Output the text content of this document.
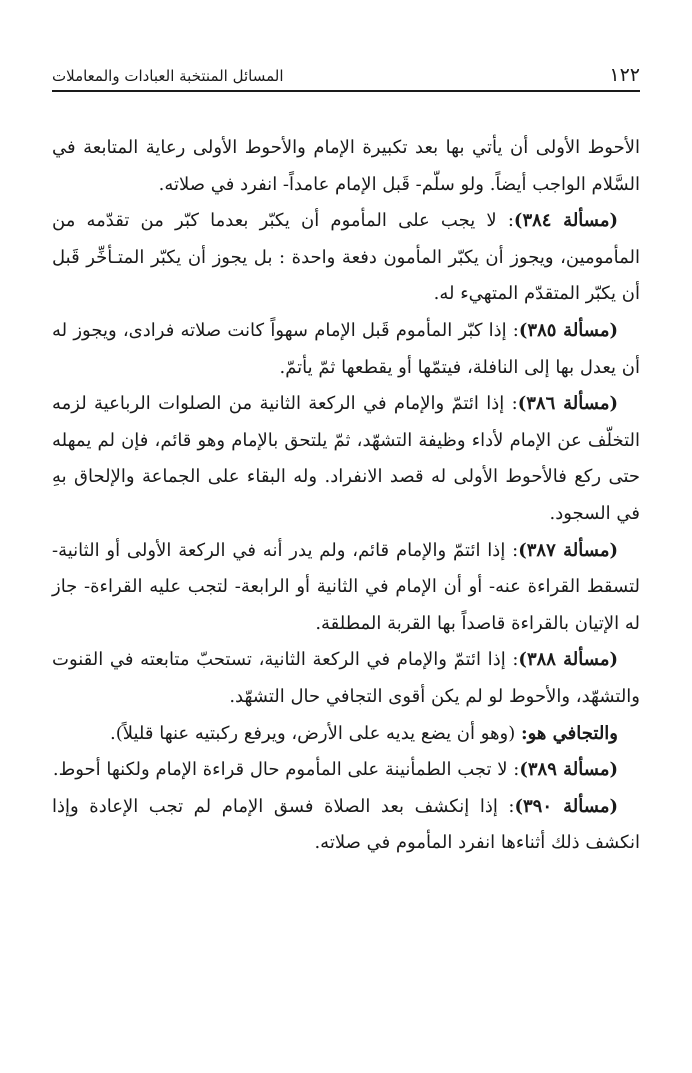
١٢٢
المسائل المنتخبة العبادات والمعاملات

الأحوط الأولى أن يأتي بها بعد تكبيرة الإمام والأحوط الأولى رعاية المتابعة في السَّلام الواجب أيضاً. ولو سلّم- قَبل الإمام عامداً- انفرد في صلاته.

(مسألة ٣٨٤): لا يجب على المأموم أن يكبّر بعدما كبّر من تقدّمه من المأمومين، ويجوز أن يكبّر المأمون دفعة واحدة : بل يجوز أن يكبّر المتـأخِّر قَبل أن يكبّر المتقدّم المتهيء له.

(مسألة ٣٨٥): إذا كبّر المأموم قَبل الإمام سهواً كانت صلاته فرادى، ويجوز له أن يعدل بها إلى النافلة، فيتمّها أو يقطعها ثمّ يأتمّ.

(مسألة ٣٨٦): إذا ائتمّ والإمام في الركعة الثانية من الصلوات الرباعية لزمه التخلّف عن الإمام لأداء وظيفة التشهّد، ثمّ يلتحق بالإمام وهو قائم، فإن لم يمهله حتى ركع فالأحوط الأولى له قصد الانفراد. وله البقاء على الجماعة والإلحاق بهِ في السجود.

(مسألة ٣٨٧): إذا ائتمّ والإمام قائم، ولم يدر أنه في الركعة الأولى أو الثانية- لتسقط القراءة عنه- أو أن الإمام في الثانية أو الرابعة- لتجب عليه القراءة- جاز له الإتيان بالقراءة قاصداً بها القربة المطلقة.

(مسألة ٣٨٨): إذا ائتمّ والإمام في الركعة الثانية، تستحبّ متابعته في القنوت والتشهّد، والأحوط لو لم يكن أقوى التجافي حال التشهّد.

والتجافي هو: (وهو أن يضع يديه على الأرض، ويرفع ركبتيه عنها قليلاً).

(مسألة ٣٨٩): لا تجب الطمأنينة على المأموم حال قراءة الإمام ولكنها أحوط.

(مسألة ٣٩٠): إذا إنكشف بعد الصلاة فسق الإمام لم تجب الإعادة وإذا انكشف ذلك أثناءها انفرد المأموم في صلاته.
